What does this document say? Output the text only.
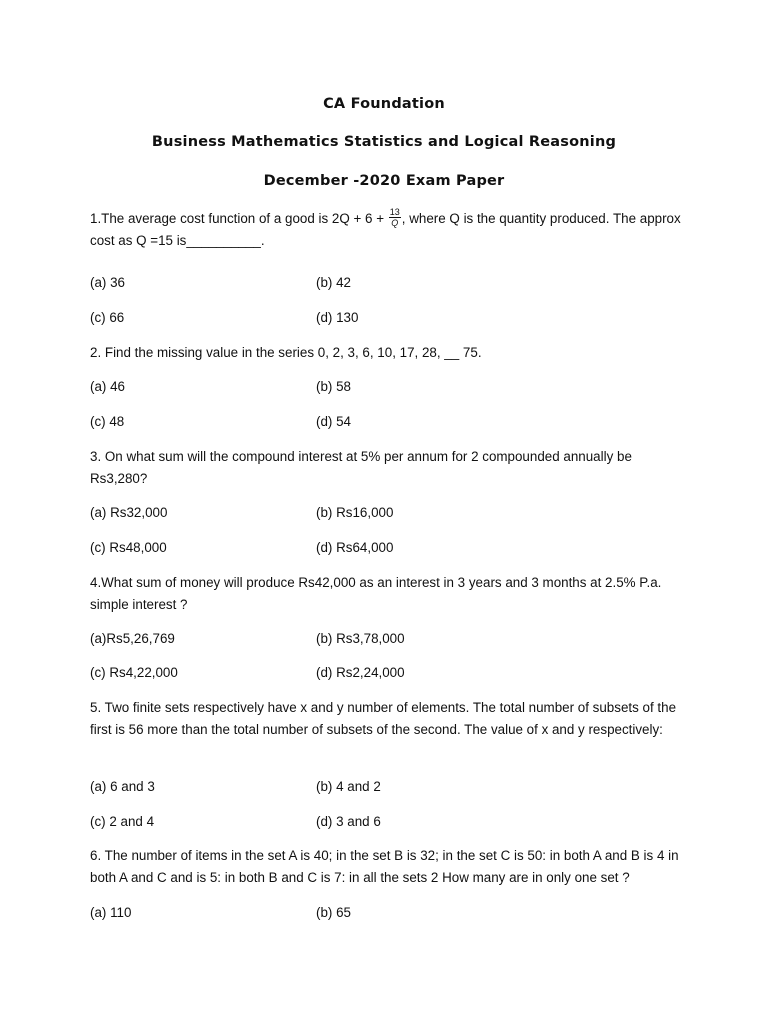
CA Foundation
Business Mathematics Statistics and Logical Reasoning
December -2020 Exam Paper
1.The average cost function of a good is $2Q + 6 + \frac{13}{Q}$ , where Q is the quantity produced. The approx cost as Q =15 is__________.
(a) 36	(b) 42
(c) 66	(d) 130
2. Find the missing value in the series 0, 2, 3, 6, 10, 17, 28, __ 75.
(a) 46	(b) 58
(c) 48	(d) 54
3. On what sum will the compound interest at 5% per annum for 2 compounded annually be Rs3,280?
(a) Rs32,000	(b) Rs16,000
(c) Rs48,000	(d) Rs64,000
4.What sum of money will produce Rs42,000 as an interest in 3 years and 3 months at 2.5% P.a. simple interest ?
(a)Rs5,26,769	(b) Rs3,78,000
(c) Rs4,22,000	(d) Rs2,24,000
5. Two finite sets respectively have x and y number of elements. The total number of subsets of the first is 56 more than the total number of subsets of the second. The value of x and y respectively:
(a) 6 and 3	(b) 4 and 2
(c) 2 and 4	(d) 3 and 6
6. The number of items in the set A is 40; in the set B is 32; in the set C is 50: in both A and B is 4 in both A and C and is 5: in both B and C is 7: in all the sets 2 How many are in only one set ?
(a) 110	(b) 65
